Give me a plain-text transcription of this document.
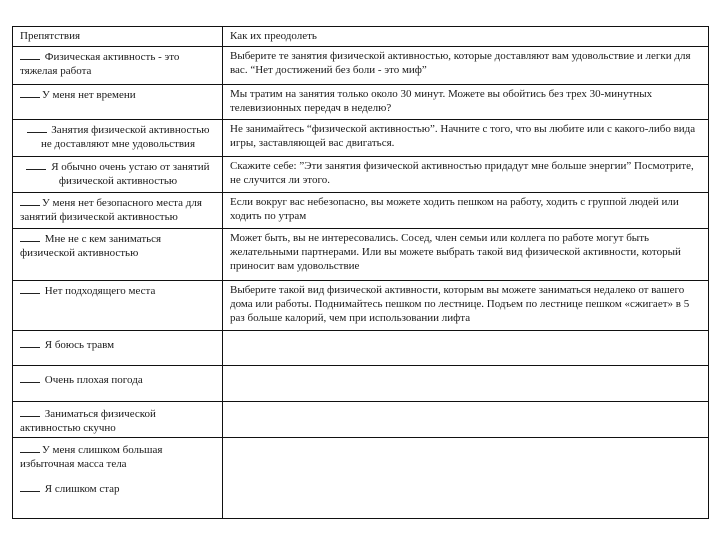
Препятствия	Как их преодолеть
Физическая активность - это тяжелая работа	Выберите те занятия физической активностью, которые доставляют вам удовольствие и легки для вас. “Нет достижений без боли - это миф”
У меня нет времени	Мы тратим на занятия только около 30 минут. Можете вы обойтись без трех 30-минутных телевизионных передач в неделю?
Занятия физической активностью не доставляют мне удовольствия	Не занимайтесь “физической активностью”. Начните с того, что вы любите или с какого-либо вида игры, заставляющей вас двигаться.
Я обычно очень устаю от занятий физической активностью	Скажите себе: ”Эти занятия физической активностью придадут мне больше энергии” Посмотрите, не случится ли этого.
У меня нет безопасного места для занятий физической активностью	Если вокруг вас небезопасно, вы можете ходить пешком на работу, ходить с группой людей или ходить по утрам
Мне не с кем заниматься физической активностью	Может быть, вы не интересовались. Сосед, член семьи или коллега по работе могут быть желательными партнерами. Или вы можете выбрать такой вид физической активности, который приносит вам удовольствие
Нет подходящего места	Выберите такой вид физической активности, которым вы можете заниматься недалеко от вашего дома или работы. Поднимайтесь пешком по лестнице. Подъем по лестнице пешком «сжигает» в 5 раз больше калорий, чем при использовании лифта
Я боюсь травм	
Очень плохая погода	
Заниматься физической активностью скучно	

У меня слишком большая избыточная масса тела
Я слишком стар	
